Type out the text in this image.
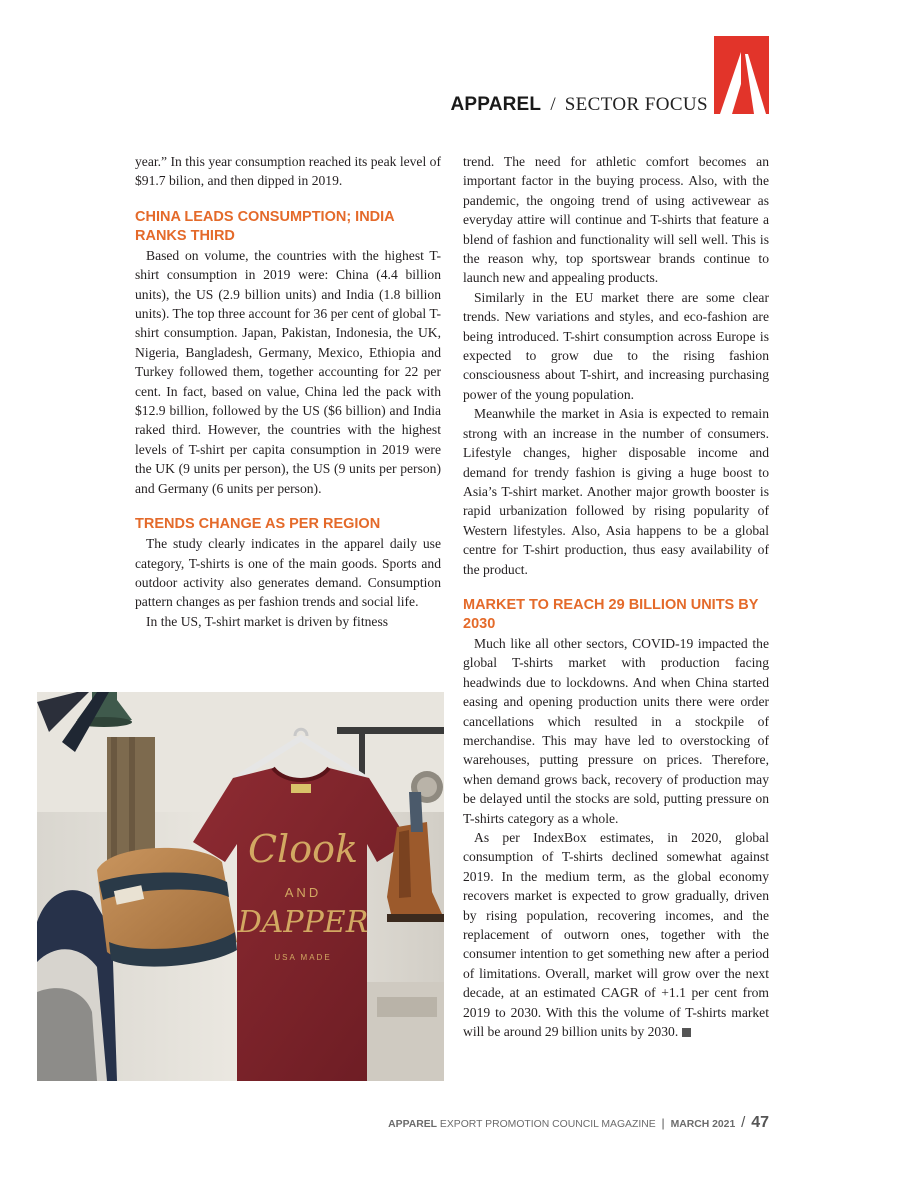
APPAREL / SECTOR FOCUS

year.” In this year consumption reached its peak level of $91.7 bilion, and then dipped in 2019.

CHINA LEADS CONSUMPTION; INDIA RANKS THIRD

Based on volume, the countries with the highest T-shirt consumption in 2019 were: China (4.4 billion units), the US (2.9 billion units) and India (1.8 billion units). The top three account for 36 per cent of global T-shirt consumption. Japan, Pakistan, Indonesia, the UK, Nigeria, Bangladesh, Germany, Mexico, Ethiopia and Turkey followed them, together accounting for 22 per cent. In fact, based on value, China led the pack with $12.9 billion, followed by the US ($6 billion) and India raked third. However, the countries with the highest levels of T-shirt per capita consumption in 2019 were the UK (9 units per person), the US (9 units per person) and Germany (6 units per person).

TRENDS CHANGE AS PER REGION

The study clearly indicates in the apparel daily use category, T-shirts is one of the main goods. Sports and outdoor activity also generates demand. Consumption pattern changes as per fashion trends and social life.

In the US, T-shirt market is driven by fitness

trend. The need for athletic comfort becomes an important factor in the buying process. Also, with the pandemic, the ongoing trend of using activewear as everyday attire will continue and T-shirts that feature a blend of fashion and functionality will sell well. This is the reason why, top sportswear brands continue to launch new and appealing products.

Similarly in the EU market there are some clear trends. New variations and styles, and eco-fashion are being introduced. T-shirt consumption across Europe is expected to grow due to the rising fashion consciousness about T-shirt, and increasing purchasing power of the young population.

Meanwhile the market in Asia is expected to remain strong with an increase in the number of consumers. Lifestyle changes, higher disposable income and demand for trendy fashion is giving a huge boost to Asia’s T-shirt market. Another major growth booster is rapid urbanization followed by rising popularity of Western lifestyles. Also, Asia happens to be a global centre for T-shirt production, thus easy availability of the product.

MARKET TO REACH 29 BILLION UNITS BY 2030

Much like all other sectors, COVID-19 impacted the global T-shirts market with production facing headwinds due to lockdowns. And when China started easing and opening production units there were order cancellations which resulted in a stockpile of merchandise. This may have led to overstocking of warehouses, putting pressure on prices. Therefore, when demand grows back, recovery of production may be delayed until the stocks are sold, putting pressure on T-shirts category as a whole.

As per IndexBox estimates, in 2020, global consumption of T-shirts declined somewhat against 2019. In the medium term, as the global economy recovers market is expected to grow gradually, driven by rising population, recovering incomes, and the replacement of outworn ones, together with the consumer intention to get something new after a period of limitations. Overall, market will grow over the next decade, at an estimated CAGR of +1.1 per cent from 2019 to 2030. With this the volume of T-shirts market will be around 29 billion units by 2030.

Clook
AND
DAPPER
USA MADE
APPAREL EXPORT PROMOTION COUNCIL MAGAZINE | MARCH 2021 / 47
